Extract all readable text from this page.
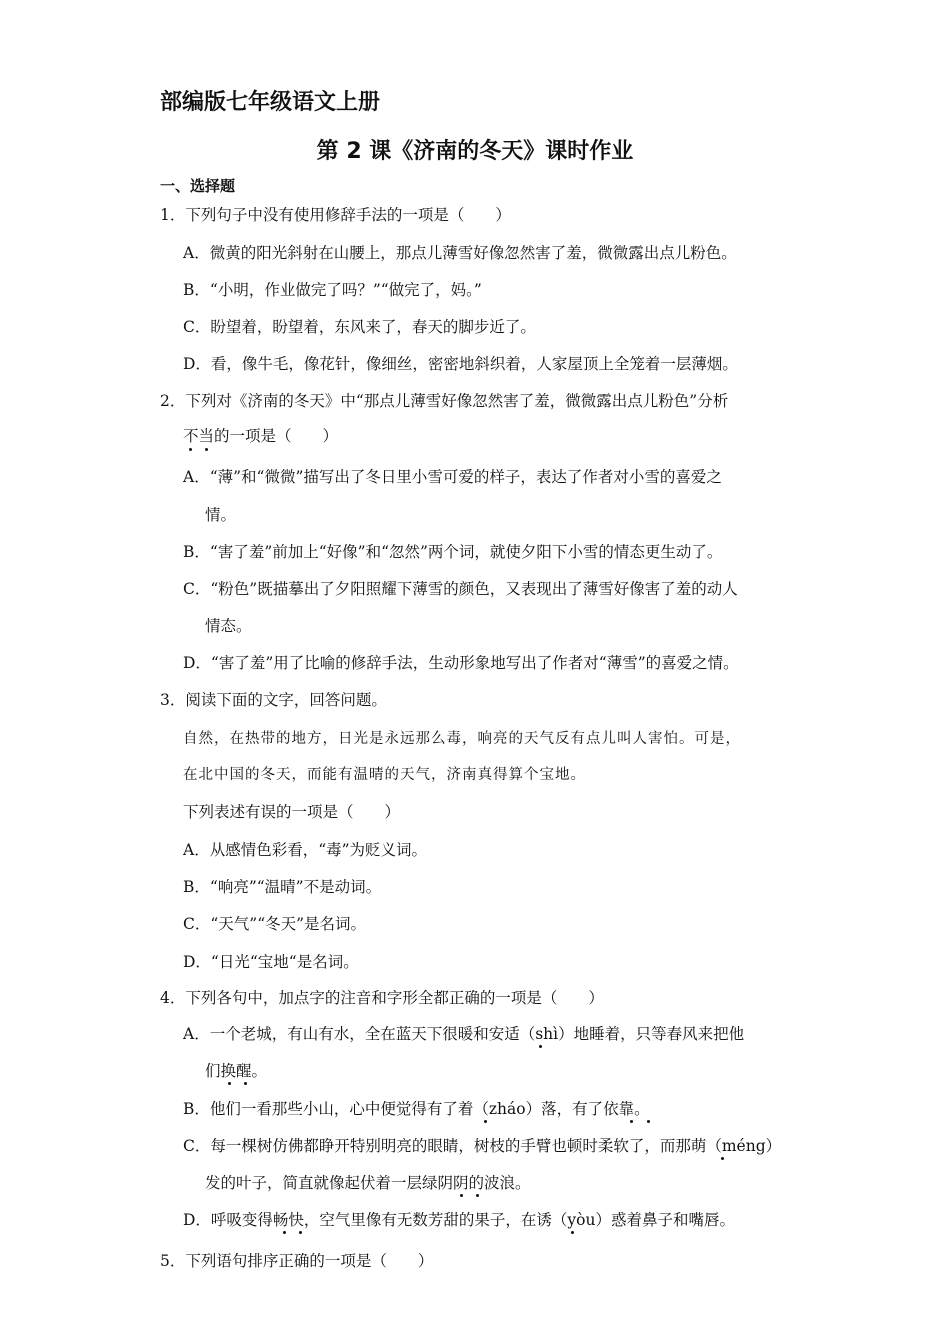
部编版七年级语文上册
第 2 课《济南的冬天》课时作业
一、选择题
1．下列句子中没有使用修辞手法的一项是（　　）
A．微黄的阳光斜射在山腰上，那点儿薄雪好像忽然害了羞，微微露出点儿粉色。
B．“小明，作业做完了吗？”“做完了，妈。”
C．盼望着，盼望着，东风来了，春天的脚步近了。
D．看，像牛毛，像花针，像细丝，密密地斜织着，人家屋顶上全笼着一层薄烟。
2．下列对《济南的冬天》中“那点儿薄雪好像忽然害了羞，微微露出点儿粉色”分析
不当的一项是（　　）
A．“薄”和“微微”描写出了冬日里小雪可爱的样子，表达了作者对小雪的喜爱之
情。
B．“害了羞”前加上“好像”和“忽然”两个词，就使夕阳下小雪的情态更生动了。
C．“粉色”既描摹出了夕阳照耀下薄雪的颜色，又表现出了薄雪好像害了羞的动人
情态。
D．“害了羞”用了比喻的修辞手法，生动形象地写出了作者对“薄雪”的喜爱之情。
3．阅读下面的文字，回答问题。
自然，在热带的地方，日光是永远那么毒，响亮的天气反有点儿叫人害怕。可是，
在北中国的冬天，而能有温晴的天气，济南真得算个宝地。
下列表述有误的一项是（　　）
A．从感情色彩看，“毒”为贬义词。
B．“响亮”“温晴”不是动词。
C．“天气”“冬天”是名词。
D．“日光“宝地“是名词。
4．下列各句中，加点字的注音和字形全都正确的一项是（　　）
A．一个老城，有山有水，全在蓝天下很暖和安适（shì）地睡着，只等春风来把他
们换醒。
B．他们一看那些小山，心中便觉得有了着（zháo）落，有了依靠。
C．每一棵树仿佛都睁开特别明亮的眼睛，树枝的手臂也顿时柔软了，而那萌（méng）
发的叶子，简直就像起伏着一层绿阴阴的波浪。
D．呼吸变得畅快，空气里像有无数芳甜的果子，在诱（yòu）惑着鼻子和嘴唇。
5．下列语句排序正确的一项是（　　）
